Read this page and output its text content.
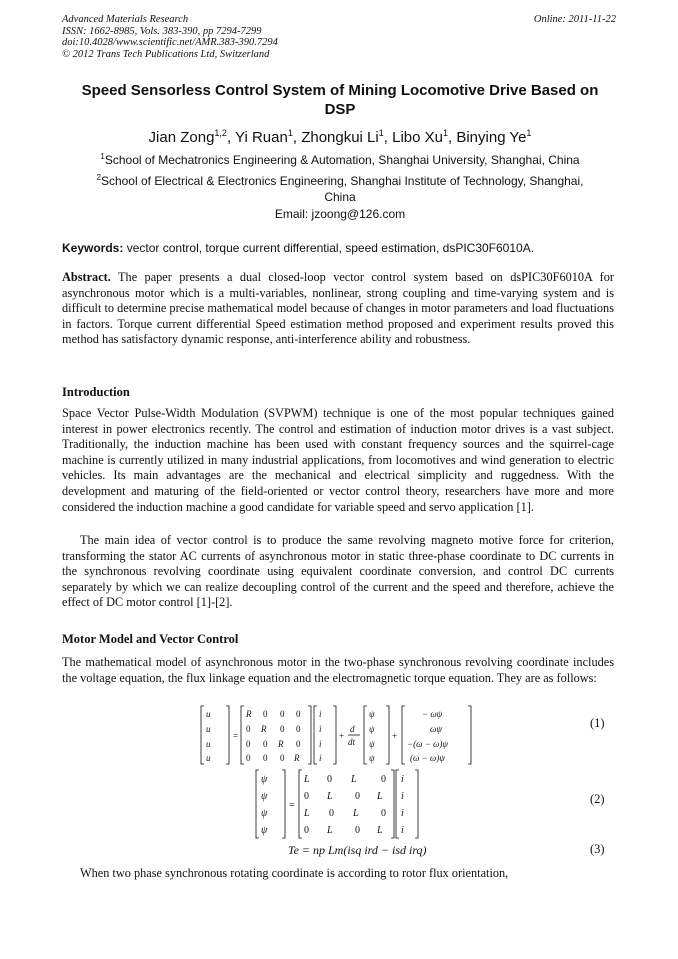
Advanced Materials Research
ISSN: 1662-8985, Vols. 383-390, pp 7294-7299
doi:10.4028/www.scientific.net/AMR.383-390.7294
© 2012 Trans Tech Publications Ltd, Switzerland
Online: 2011-11-22
Speed Sensorless Control System of Mining Locomotive Drive Based on DSP
Jian Zong$^{1,2}$, Yi Ruan$^1$, Zhongkui Li$^1$, Libo Xu$^1$, Binying Ye$^1$
$^1$School of Mechatronics Engineering & Automation, Shanghai University, Shanghai, China
$^2$School of Electrical & Electronics Engineering, Shanghai Institute of Technology, Shanghai, China
Email: jzoong@126.com
Keywords: vector control, torque current differential, speed estimation, dsPIC30F6010A.
Abstract. The paper presents a dual closed-loop vector control system based on dsPIC30F6010A for asynchronous motor which is a multi-variables, nonlinear, strong coupling and time-varying system and is difficult to determine precise mathematical model because of changes in motor parameters and load fluctuations in factors. Torque current differential Speed estimation method proposed and experiment results proved this method has satisfactory dynamic response, anti-interference ability and robustness.
Introduction
Space Vector Pulse-Width Modulation (SVPWM) technique is one of the most popular techniques gained interest in power electronics recently. The control and estimation of induction motor drives is a vast subject. Traditionally, the induction machine has been used with constant frequency sources and the squirrel-cage machine is currently utilized in many industrial applications, from locomotives and wind generation to electric vehicles. Its main advantages are the mechanical and electrical simplicity and ruggedness. With the development and maturing of the field-oriented or vector control theory, researchers have more and more considered the induction machine a good candidate for variable speed and servo application [1].
The main idea of vector control is to produce the same revolving magneto motive force for criterion, transforming the stator AC currents of asynchronous motor in static three-phase coordinate to DC currents in the synchronous revolving coordinate using equivalent coordinate conversion, and control DC currents separately by which we can realize decoupling control of the current and the speed and therefore, achieve the effect of DC motor control [1]-[2].
Motor Model and Vector Control
The mathematical model of asynchronous motor in the two-phase synchronous revolving coordinate includes the voltage equation, the flux linkage equation and the electromagnetic torque equation. They are as follows:
u
u
u
u
=
R 0 0 0
0 R 0 0
0 0 R 0
0 0 0 R
i
i
i
i
+
d
dt
ψ
ψ
ψ
ψ
+
− ωψ
ωψ
−(ω − ω)ψ
(ω − ω)ψ
(1)
ψ
ψ
ψ
ψ
=
L 0 L 0
0 L 0 L
L 0 L 0
0 L 0 L
i
i
i
i
(2)
Te = np Lm(isq ird − isd irq)	(3)
When two phase synchronous rotating coordinate is according to rotor flux orientation,
